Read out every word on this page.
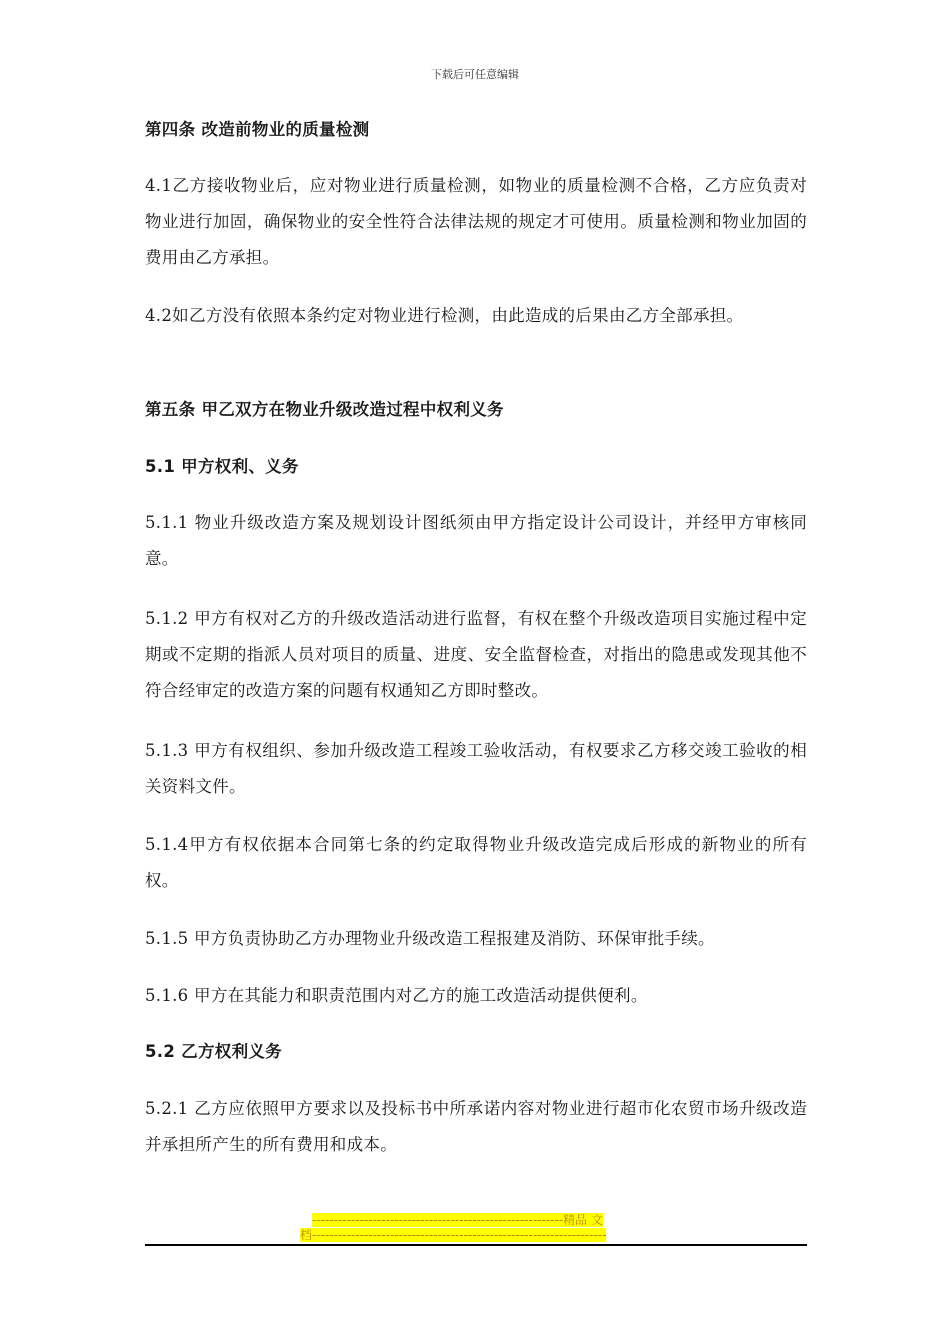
下载后可任意编辑
第四条 改造前物业的质量检测
4.1乙方接收物业后，应对物业进行质量检测，如物业的质量检测不合格，乙方应负责对物业进行加固，确保物业的安全性符合法律法规的规定才可使用。质量检测和物业加固的费用由乙方承担。
4.2如乙方没有依照本条约定对物业进行检测，由此造成的后果由乙方全部承担。
第五条 甲乙双方在物业升级改造过程中权利义务
5.1 甲方权利、义务
5.1.1 物业升级改造方案及规划设计图纸须由甲方指定设计公司设计，并经甲方审核同意。
5.1.2 甲方有权对乙方的升级改造活动进行监督，有权在整个升级改造项目实施过程中定期或不定期的指派人员对项目的质量、进度、安全监督检查，对指出的隐患或发现其他不符合经审定的改造方案的问题有权通知乙方即时整改。
5.1.3 甲方有权组织、参加升级改造工程竣工验收活动，有权要求乙方移交竣工验收的相关资料文件。
5.1.4甲方有权依据本合同第七条的约定取得物业升级改造完成后形成的新物业的所有权。
5.1.5 甲方负责协助乙方办理物业升级改造工程报建及消防、环保审批手续。
5.1.6 甲方在其能力和职责范围内对乙方的施工改造活动提供便利。
5.2 乙方权利义务
5.2.1 乙方应依照甲方要求以及投标书中所承诺内容对物业进行超市化农贸市场升级改造并承担所产生的所有费用和成本。
----------------------------------------------------------精品 文
档--------------------------------------------------------------------
